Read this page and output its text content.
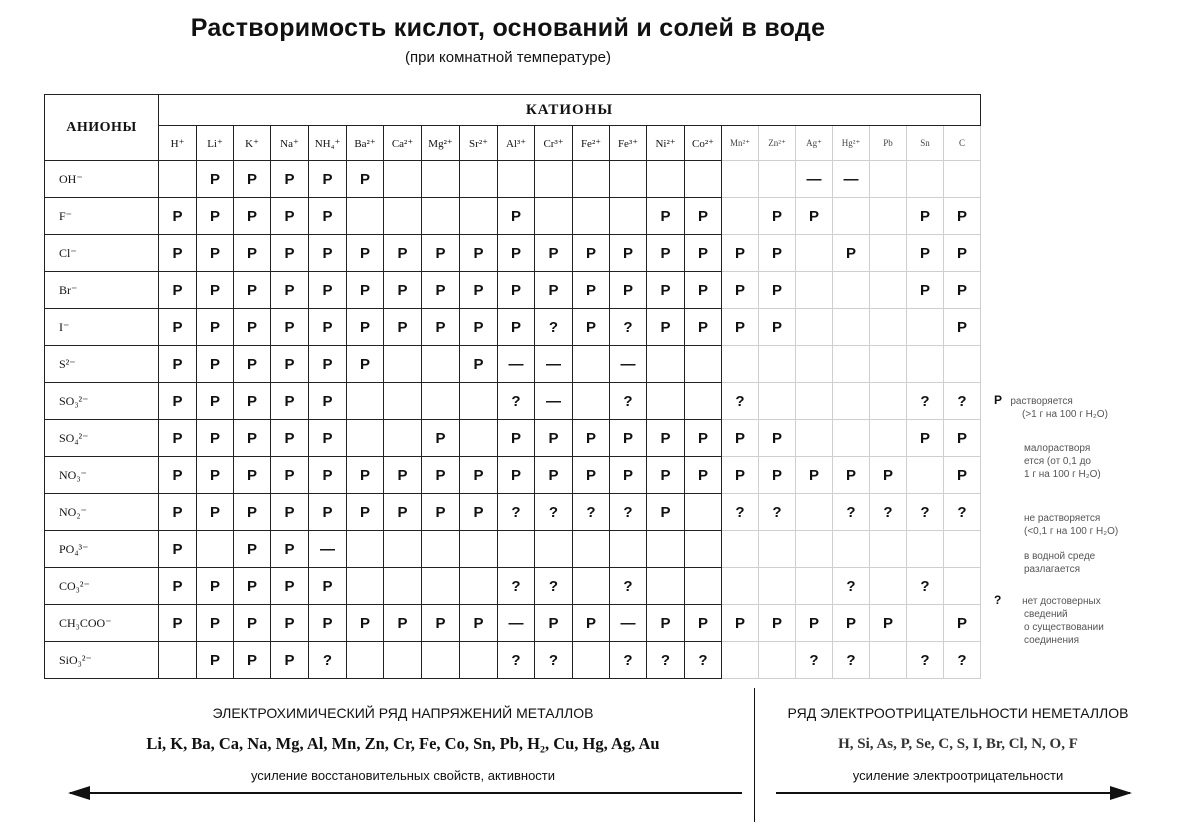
Растворимость кислот, оснований и солей в воде
(при комнатной температуре)
АНИОНЫ	КАТИОНЫ																					
	H⁺	Li⁺	K⁺	Na⁺	NH₄⁺	Ba²⁺	Ca²⁺	Mg²⁺	Sr²⁺	Al³⁺	Cr³⁺	Fe²⁺	Fe³⁺	Ni²⁺	Co²⁺	Mn²⁺	Zn²⁺	Ag⁺	Hg²⁺	Pb	Sn	C
OH⁻		Р	Р	Р	Р	Р												—	—			
F⁻	Р	Р	Р	Р	Р					Р				Р	Р		Р	Р			Р	Р
Cl⁻	Р	Р	Р	Р	Р	Р	Р	Р	Р	Р	Р	Р	Р	Р	Р	Р	Р		Р		Р	Р
Br⁻	Р	Р	Р	Р	Р	Р	Р	Р	Р	Р	Р	Р	Р	Р	Р	Р	Р				Р	Р
I⁻	Р	Р	Р	Р	Р	Р	Р	Р	Р	Р	?	Р	?	Р	Р	Р	Р					Р
S²⁻	Р	Р	Р	Р	Р	Р			Р	—	—		—									
SO₃²⁻	Р	Р	Р	Р	Р					?	—		?			?					?	?
SO₄²⁻	Р	Р	Р	Р	Р			Р		Р	Р	Р	Р	Р	Р	Р	Р				Р	Р
NO₃⁻	Р	Р	Р	Р	Р	Р	Р	Р	Р	Р	Р	Р	Р	Р	Р	Р	Р	Р	Р	Р		Р
NO₂⁻	Р	Р	Р	Р	Р	Р	Р	Р	Р	?	?	?	?	Р		?	?		?	?	?	?
PO₄³⁻	Р		Р	Р	—																	
CO₃²⁻	Р	Р	Р	Р	Р					?	?		?						?		?	
CH₃COO⁻	Р	Р	Р	Р	Р	Р	Р	Р	Р	—	Р	Р	—	Р	Р	Р	Р	Р	Р	Р		Р
SiO₃²⁻		Р	Р	Р	?					?	?		?	?	?			?	?		?	?
Р растворяется
(>1 г на 100 г H₂O)
малорастворя
ется (от 0,1 до
1 г на 100 г H₂O)
не растворяется
(<0,1 г на 100 г H₂O)
в водной среде
разлагается
? нет достоверных
сведений
о существовании
соединения
ЭЛЕКТРОХИМИЧЕСКИЙ РЯД НАПРЯЖЕНИЙ МЕТАЛЛОВ
Li, K, Ba, Ca, Na, Mg, Al, Mn, Zn, Cr, Fe, Co, Sn, Pb, H₂, Cu, Hg, Ag, Au
усиление восстановительных свойств, активности
РЯД ЭЛЕКТРООТРИЦАТЕЛЬНОСТИ НЕМЕТАЛЛОВ
H, Si, As, P, Se, C, S, I, Br, Cl, N, O, F
усиление электроотрицательности
